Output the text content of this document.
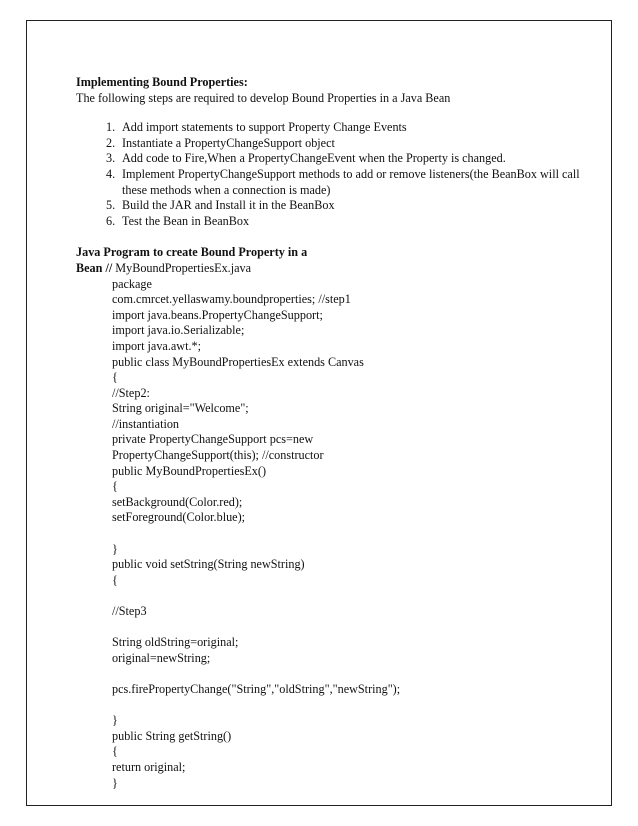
Implementing Bound Properties:

The following steps are required to develop Bound Properties in a Java Bean

1. Add import statements to support Property Change Events
2. Instantiate a PropertyChangeSupport object
3. Add code to Fire,When a PropertyChangeEvent when the Property is changed.
4. Implement PropertyChangeSupport methods to add or remove listeners(the BeanBox will call these methods when a connection is made)
5. Build the JAR and Install it in the BeanBox
6. Test the Bean in BeanBox
Java Program to create Bound Property in a
Bean // MyBoundPropertiesEx.java
package
com.cmrcet.yellaswamy.boundproperties; //step1
import java.beans.PropertyChangeSupport;
import java.io.Serializable;
import java.awt.*;
public class MyBoundPropertiesEx extends Canvas
{
//Step2:
String original="Welcome";
//instantiation
private PropertyChangeSupport pcs=new
PropertyChangeSupport(this); //constructor
public MyBoundPropertiesEx()
{
setBackground(Color.red);
setForeground(Color.blue);
}
public void setString(String newString)
{
//Step3
String oldString=original;
original=newString;
pcs.firePropertyChange("String","oldString","newString");
}
public String getString()
{
return original;
}
